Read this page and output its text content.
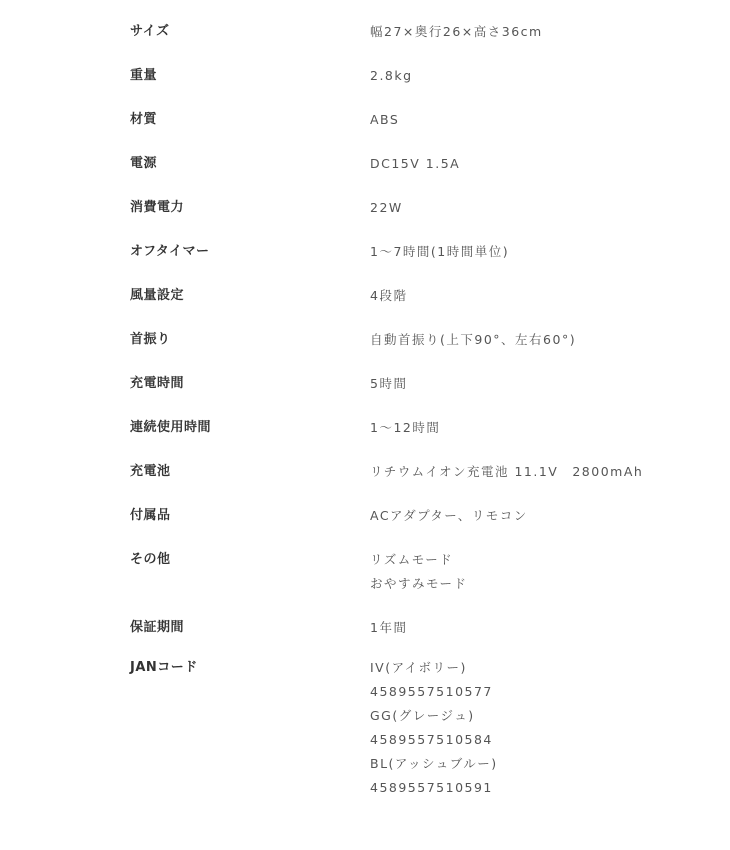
サイズ	幅27×奥行26×高さ36cm
重量	2.8kg
材質	ABS
電源	DC15V 1.5A
消費電力	22W
オフタイマー	1〜7時間(1時間単位)
風量設定	4段階
首振り	自動首振り(上下90°、左右60°)
充電時間	5時間
連続使用時間	1〜12時間
充電池	リチウムイオン充電池 11.1V　2800mAh
付属品	ACアダプター、リモコン
その他	リズムモード
おやすみモード
保証期間	1年間
JANコード	IV(アイボリー)
4589557510577
GG(グレージュ)
4589557510584
BL(アッシュブルー)
4589557510591
